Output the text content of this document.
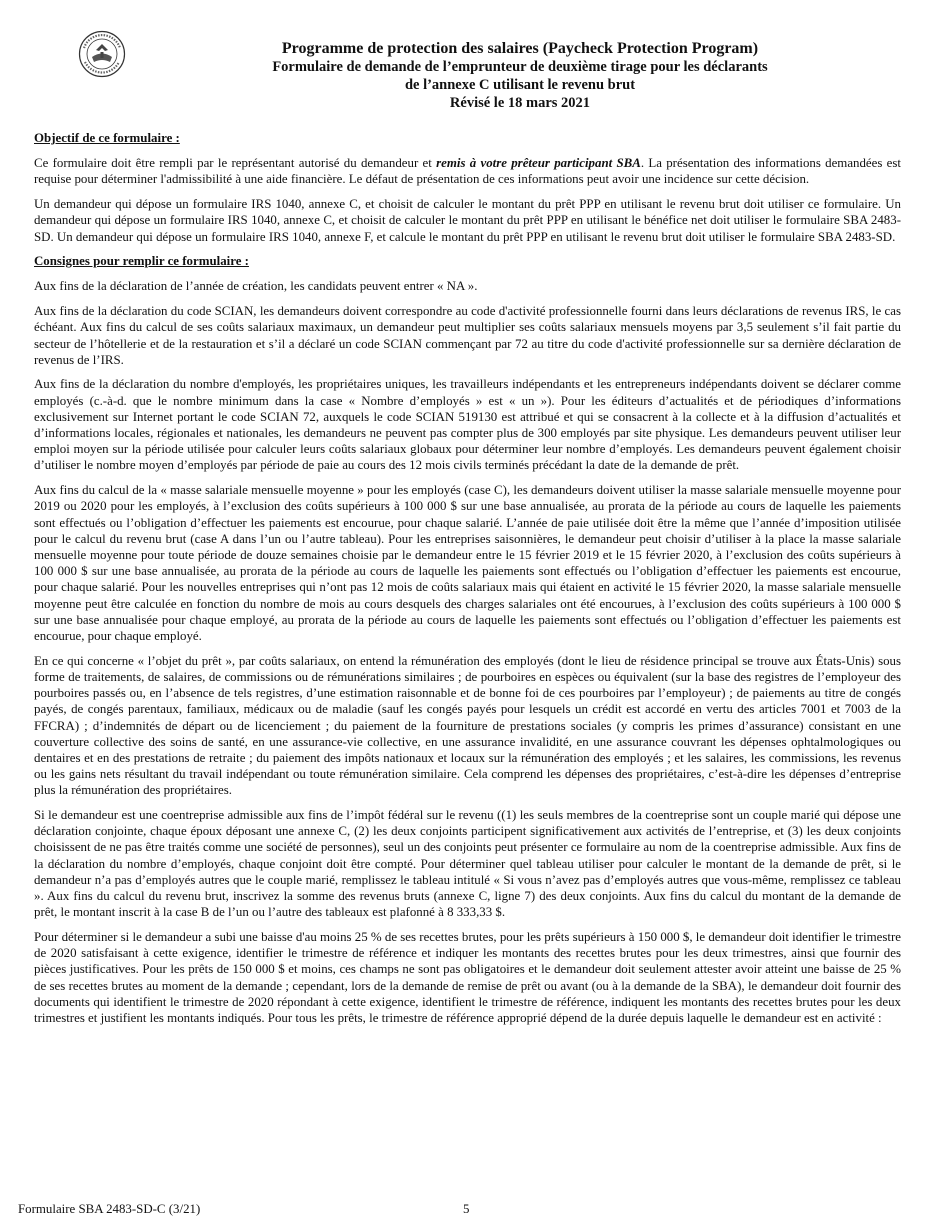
Programme de protection des salaires (Paycheck Protection Program)
Formulaire de demande de l’emprunteur de deuxième tirage pour les déclarants
de l’annexe C utilisant le revenu brut
Révisé le 18 mars 2021
Objectif de ce formulaire :

Ce formulaire doit être rempli par le représentant autorisé du demandeur et remis à votre prêteur participant SBA. La présentation des informations demandées est requise pour déterminer l'admissibilité à une aide financière. Le défaut de présentation de ces informations peut avoir une incidence sur cette décision.

Un demandeur qui dépose un formulaire IRS 1040, annexe C, et choisit de calculer le montant du prêt PPP en utilisant le revenu brut doit utiliser ce formulaire. Un demandeur qui dépose un formulaire IRS 1040, annexe C, et choisit de calculer le montant du prêt PPP en utilisant le bénéfice net doit utiliser le formulaire SBA 2483-SD. Un demandeur qui dépose un formulaire IRS 1040, annexe F, et calcule le montant du prêt PPP en utilisant le revenu brut doit utiliser le formulaire SBA 2483-SD.

Consignes pour remplir ce formulaire :

Aux fins de la déclaration de l’année de création, les candidats peuvent entrer « NA ».

Aux fins de la déclaration du code SCIAN, les demandeurs doivent correspondre au code d'activité professionnelle fourni dans leurs déclarations de revenus IRS, le cas échéant. Aux fins du calcul de ses coûts salariaux maximaux, un demandeur peut multiplier ses coûts salariaux mensuels moyens par 3,5 seulement s’il fait partie du secteur de l’hôtellerie et de la restauration et s’il a déclaré un code SCIAN commençant par 72 au titre du code d'activité professionnelle sur sa dernière déclaration de revenus de l’IRS.

Aux fins de la déclaration du nombre d'employés, les propriétaires uniques, les travailleurs indépendants et les entrepreneurs indépendants doivent se déclarer comme employés (c.-à-d. que le nombre minimum dans la case « Nombre d’employés » est « un »). Pour les éditeurs d’actualités et de périodiques d’informations exclusivement sur Internet portant le code SCIAN 72, auxquels le code SCIAN 519130 est attribué et qui se consacrent à la collecte et à la diffusion d’actualités et d’informations locales, régionales et nationales, les demandeurs ne peuvent pas compter plus de 300 employés par site physique. Les demandeurs peuvent utiliser leur emploi moyen sur la période utilisée pour calculer leurs coûts salariaux globaux pour déterminer leur nombre d’employés. Les demandeurs peuvent également choisir d’utiliser le nombre moyen d’employés par période de paie au cours des 12 mois civils terminés précédant la date de la demande de prêt.

Aux fins du calcul de la « masse salariale mensuelle moyenne » pour les employés (case C), les demandeurs doivent utiliser la masse salariale mensuelle moyenne pour 2019 ou 2020 pour les employés, à l’exclusion des coûts supérieurs à 100 000 $ sur une base annualisée, au prorata de la période au cours de laquelle les paiements sont effectués ou l’obligation d’effectuer les paiements est encourue, pour chaque salarié. L’année de paie utilisée doit être la même que l’année d’imposition utilisée pour le calcul du revenu brut (case A dans l’un ou l’autre tableau). Pour les entreprises saisonnières, le demandeur peut choisir d’utiliser à la place la masse salariale mensuelle moyenne pour toute période de douze semaines choisie par le demandeur entre le 15 février 2019 et le 15 février 2020, à l’exclusion des coûts supérieurs à 100 000 $ sur une base annualisée, au prorata de la période au cours de laquelle les paiements sont effectués ou l’obligation d’effectuer les paiements est encourue, pour chaque salarié. Pour les nouvelles entreprises qui n’ont pas 12 mois de coûts salariaux mais qui étaient en activité le 15 février 2020, la masse salariale mensuelle moyenne peut être calculée en fonction du nombre de mois au cours desquels des charges salariales ont été encourues, à l’exclusion des coûts supérieurs à 100 000 $ sur une base annualisée pour chaque employé, au prorata de la période au cours de laquelle les paiements sont effectués ou l’obligation d’effectuer les paiements est encourue, pour chaque employé.

En ce qui concerne « l’objet du prêt », par coûts salariaux, on entend la rémunération des employés (dont le lieu de résidence principal se trouve aux États-Unis) sous forme de traitements, de salaires, de commissions ou de rémunérations similaires ; de pourboires en espèces ou équivalent (sur la base des registres de l’employeur des pourboires passés ou, en l’absence de tels registres, d’une estimation raisonnable et de bonne foi de ces pourboires par l’employeur) ; de paiements au titre de congés payés, de congés parentaux, familiaux, médicaux ou de maladie (sauf les congés payés pour lesquels un crédit est accordé en vertu des articles 7001 et 7003 de la FFCRA) ; d’indemnités de départ ou de licenciement ; du paiement de la fourniture de prestations sociales (y compris les primes d’assurance) consistant en une couverture collective des soins de santé, en une assurance-vie collective, en une assurance invalidité, en une assurance couvrant les dépenses ophtalmologiques ou dentaires et en des prestations de retraite ; du paiement des impôts nationaux et locaux sur la rémunération des employés ; et les salaires, les commissions, les revenus ou les gains nets résultant du travail indépendant ou toute rémunération similaire. Cela comprend les dépenses des propriétaires, c’est-à-dire les dépenses d’entreprise plus la rémunération des propriétaires.

Si le demandeur est une coentreprise admissible aux fins de l’impôt fédéral sur le revenu ((1) les seuls membres de la coentreprise sont un couple marié qui dépose une déclaration conjointe, chaque époux déposant une annexe C, (2) les deux conjoints participent significativement aux activités de l’entreprise, et (3) les deux conjoints choisissent de ne pas être traités comme une société de personnes), seul un des conjoints peut présenter ce formulaire au nom de la coentreprise admissible. Aux fins de la déclaration du nombre d’employés, chaque conjoint doit être compté. Pour déterminer quel tableau utiliser pour calculer le montant de la demande de prêt, si le demandeur n’a pas d’employés autres que le couple marié, remplissez le tableau intitulé « Si vous n’avez pas d’employés autres que vous-même, remplissez ce tableau ». Aux fins du calcul du revenu brut, inscrivez la somme des revenus bruts (annexe C, ligne 7) des deux conjoints. Aux fins du calcul du montant de la demande de prêt, le montant inscrit à la case B de l’un ou l’autre des tableaux est plafonné à 8 333,33 $.

Pour déterminer si le demandeur a subi une baisse d'au moins 25 % de ses recettes brutes, pour les prêts supérieurs à 150 000 $, le demandeur doit identifier le trimestre de 2020 satisfaisant à cette exigence, identifier le trimestre de référence et indiquer les montants des recettes brutes pour les deux trimestres, ainsi que fournir des pièces justificatives. Pour les prêts de 150 000 $ et moins, ces champs ne sont pas obligatoires et le demandeur doit seulement attester avoir atteint une baisse de 25 % de ses recettes brutes au moment de la demande ; cependant, lors de la demande de remise de prêt ou avant (ou à la demande de la SBA), le demandeur doit fournir des documents qui identifient le trimestre de 2020 répondant à cette exigence, identifient le trimestre de référence, indiquent les montants des recettes brutes pour les deux trimestres et justifient les montants indiqués. Pour tous les prêts, le trimestre de référence approprié dépend de la durée depuis laquelle le demandeur est en activité :

Formulaire SBA 2483-SD-C (3/21)	5
